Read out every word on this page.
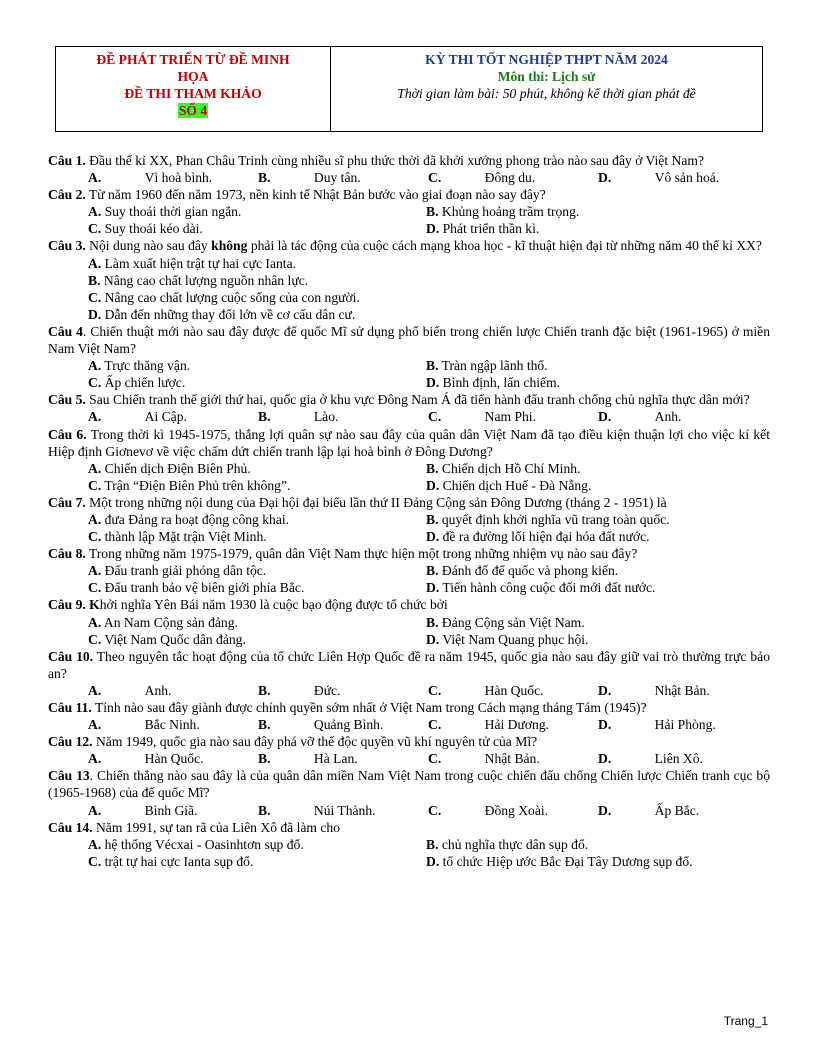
ĐỀ PHÁT TRIỂN TỪ ĐỀ MINH
HỌA
ĐỀ THI THAM KHẢO
SỐ 4
KỲ THI TỐT NGHIỆP THPT NĂM 2024
Môn thi: Lịch sử
Thời gian làm bài: 50 phút, không kể thời gian phát đề
Câu 1. Đầu thế kỉ XX, Phan Châu Trinh cùng nhiều sĩ phu thức thời đã khởi xướng phong trào nào sau đây ở Việt Nam?
A.	Vì hoà bình.	B.	Duy tân.	C.	Đông du.	D.	Vô sản hoá.
Câu 2. Từ năm 1960 đến năm 1973, nền kinh tế Nhật Bản bước vào giai đoạn nào say đây?
A. Suy thoái thời gian ngắn.	B. Khủng hoảng trầm trọng.
C. Suy thoái kéo dài.	D. Phát triển thần kì.
Câu 3. Nội dung nào sau đây không phải là tác động của cuộc cách mạng khoa học - kĩ thuật hiện đại từ những năm 40 thế kỉ XX?
A. Làm xuất hiện trật tự hai cực Ianta.
B. Nâng cao chất lượng nguồn nhân lực.
C. Nâng cao chất lượng cuộc sống của con người.
D. Dẫn đến những thay đổi lớn về cơ cấu dân cư.
Câu 4. Chiến thuật mới nào sau đây được đế quốc Mĩ sử dụng phổ biến trong chiến lược Chiến tranh đặc biệt (1961-1965) ở miền Nam Việt Nam?
A. Trực thăng vận.	B. Tràn ngập lãnh thổ.
C. Ấp chiến lược.	D. Bình định, lấn chiếm.
Câu 5. Sau Chiến tranh thế giới thứ hai, quốc gia ở khu vực Đông Nam Á đã tiến hành đấu tranh chống chủ nghĩa thực dân mới?
A.	Ai Cập.	B.	Lào.	C.	Nam Phi.	D.	Anh.
Câu 6. Trong thời kì 1945-1975, thắng lợi quân sự nào sau đây của quân dân Việt Nam đã tạo điều kiện thuận lợi cho việc kí kết Hiệp định Giơnevơ về việc chấm dứt chiến tranh lập lại hoà bình ở Đông Dương?
A. Chiến dịch Điện Biên Phủ.	B. Chiến dịch Hồ Chí Minh.
C. Trận “Điện Biên Phủ trên không”.	D. Chiến dịch Huế - Đà Nẵng.
Câu 7. Một trong những nội dung của Đại hội đại biểu lần thứ II Đảng Cộng sản Đông Dương (tháng 2 - 1951) là
A. đưa Đảng ra hoạt động công khai.	B. quyết định khởi nghĩa vũ trang toàn quốc.
C. thành lập Mặt trận Việt Minh.	D. đề ra đường lối hiện đại hóa đất nước.
Câu 8. Trong những năm 1975-1979, quân dân Việt Nam thực hiện một trong những nhiệm vụ nào sau đây?
A. Đấu tranh giải phóng dân tộc.	B. Đánh đổ đế quốc và phong kiến.
C. Đấu tranh bảo vệ biên giới phía Bắc.	D. Tiến hành công cuộc đổi mới đất nước.
Câu 9. Khởi nghĩa Yên Bái năm 1930 là cuộc bạo động được tổ chức bởi
A. An Nam Cộng sản đảng.	B. Đảng Cộng sản Việt Nam.
C. Việt Nam Quốc dân đảng.	D. Việt Nam Quang phục hội.
Câu 10. Theo nguyên tắc hoạt động của tổ chức Liên Hợp Quốc đề ra năm 1945, quốc gia nào sau đây giữ vai trò thường trực bảo an?
A.	Anh.	B.	Đức.	C.	Hàn Quốc.	D.	Nhật Bản.
Câu 11. Tỉnh nào sau đây giành được chính quyền sớm nhất ở Việt Nam trong Cách mạng tháng Tám (1945)?
A.	Bắc Ninh.	B.	Quảng Bình.	C.	Hải Dương.	D.	Hải Phòng.
Câu 12. Năm 1949, quốc gia nào sau đây phá vỡ thế độc quyền vũ khí nguyên tử của Mĩ?
A.	Hàn Quốc.	B.	Hà Lan.	C.	Nhật Bản.	D.	Liên Xô.
Câu 13. Chiến thắng nào sau đây là của quân dân miền Nam Việt Nam trong cuộc chiến đấu chống Chiến lược Chiến tranh cục bộ (1965-1968) của đế quốc Mĩ?
A.	Bình Giã.	B.	Núi Thành.	C.	Đồng Xoài.	D.	Ấp Bắc.
Câu 14. Năm 1991, sự tan rã của Liên Xô đã làm cho
A. hệ thống Vécxai - Oasinhtơn sụp đổ.	B. chủ nghĩa thực dân sụp đổ.
C. trật tự hai cực Ianta sụp đổ.	D. tổ chức Hiệp ước Bắc Đại Tây Dương sụp đổ.
Trang_1
